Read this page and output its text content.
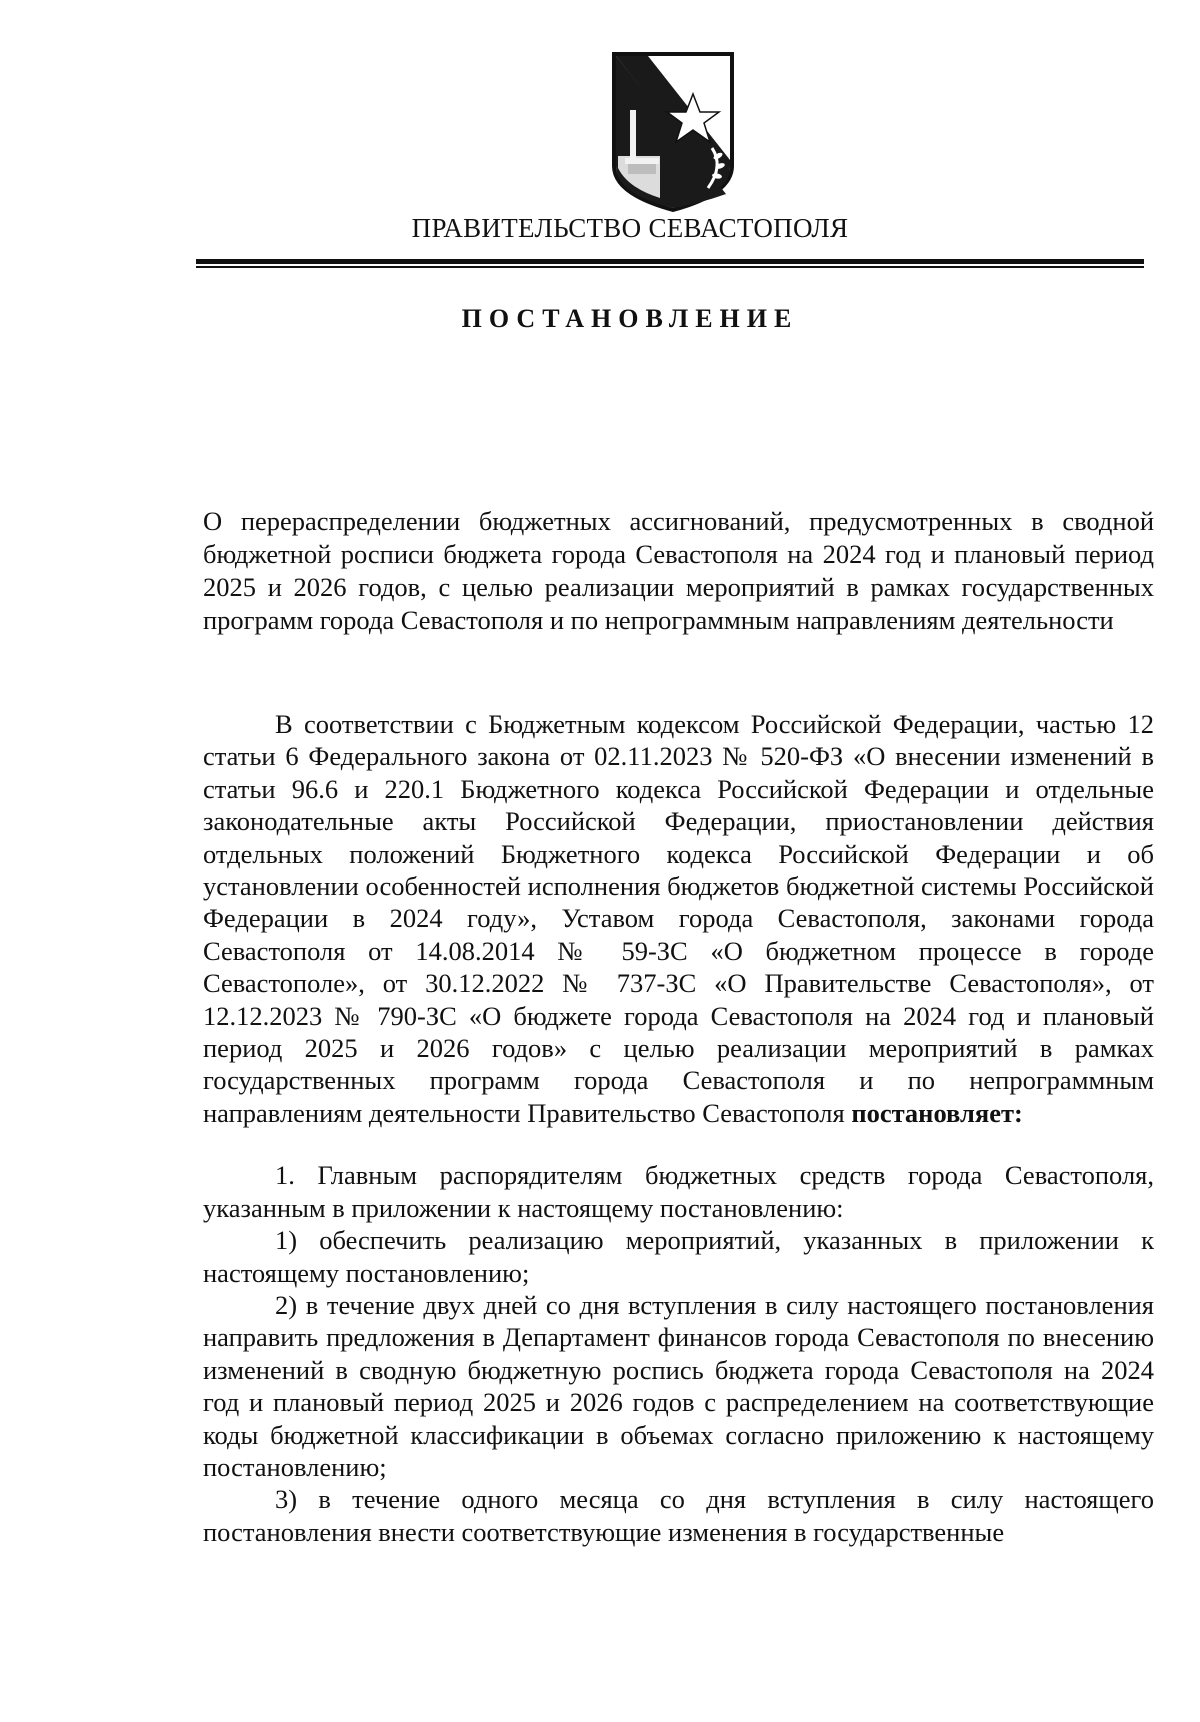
ПРАВИТЕЛЬСТВО СЕВАСТОПОЛЯ
ПОСТАНОВЛЕНИЕ
О перераспределении бюджетных ассигнований, предусмотренных в сводной бюджетной росписи бюджета города Севастополя на 2024 год и плановый период 2025 и 2026 годов, с целью реализации мероприятий в рамках государственных программ города Севастополя и по непрограммным направлениям деятельности

В соответствии с Бюджетным кодексом Российской Федерации, частью 12 статьи 6 Федерального закона от 02.11.2023 № 520-ФЗ «О внесении изменений в статьи 96.6 и 220.1 Бюджетного кодекса Российской Федерации и отдельные законодательные акты Российской Федерации, приостановлении действия отдельных положений Бюджетного кодекса Российской Федерации и об установлении особенностей исполнения бюджетов бюджетной системы Российской Федерации в 2024 году», Уставом города Севастополя, законами города Севастополя от 14.08.2014 № 59-ЗС «О бюджетном процессе в городе Севастополе», от 30.12.2022 № 737-ЗС «О Правительстве Севастополя», от 12.12.2023 № 790-ЗС «О бюджете города Севастополя на 2024 год и плановый период 2025 и 2026 годов» с целью реализации мероприятий в рамках государственных программ города Севастополя и по непрограммным направлениям деятельности Правительство Севастополя постановляет:

1. Главным распорядителям бюджетных средств города Севастополя, указанным в приложении к настоящему постановлению:

1) обеспечить реализацию мероприятий, указанных в приложении к настоящему постановлению;

2) в течение двух дней со дня вступления в силу настоящего постановления направить предложения в Департамент финансов города Севастополя по внесению изменений в сводную бюджетную роспись бюджета города Севастополя на 2024 год и плановый период 2025 и 2026 годов с распределением на соответствующие коды бюджетной классификации в объемах согласно приложению к настоящему постановлению;

3) в течение одного месяца со дня вступления в силу настоящего постановления внести соответствующие изменения в государственные
